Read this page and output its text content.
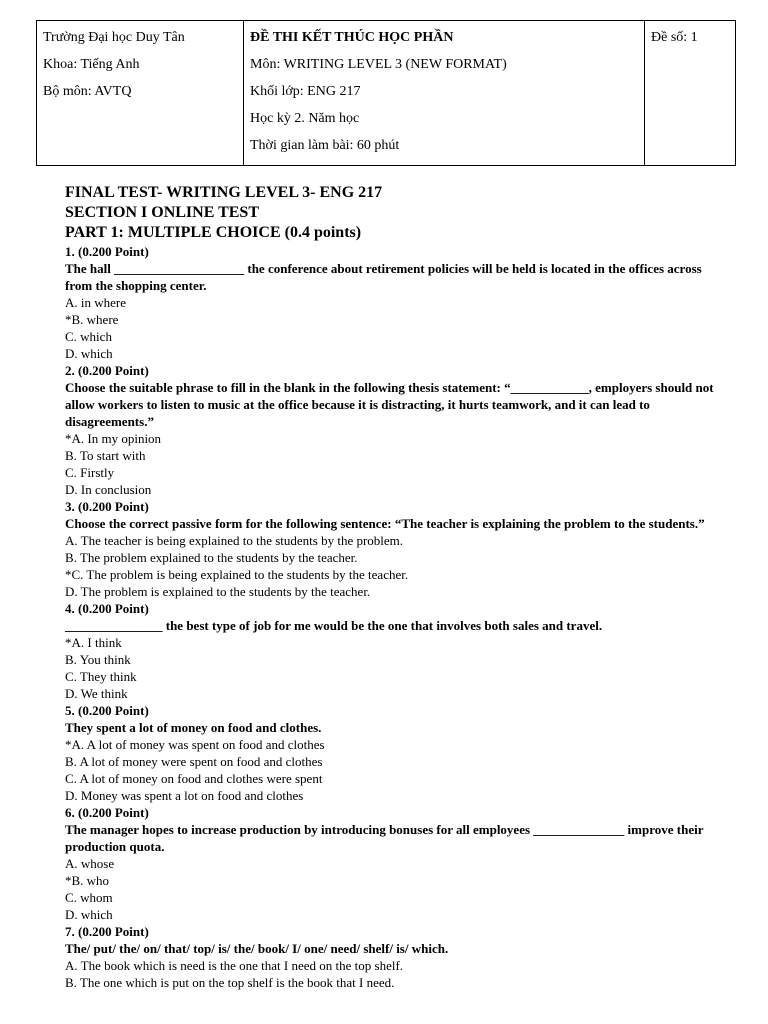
Trường Đại học Duy Tân
Khoa: Tiếng Anh
Bộ môn: AVTQ

ĐỀ THI KẾT THÚC HỌC PHẦN
Môn: WRITING LEVEL 3 (NEW FORMAT)
Khối lớp: ENG 217
Học kỳ 2. Năm học
Thời gian làm bài: 60 phút

Đề số: 1
FINAL TEST- WRITING LEVEL 3- ENG 217
SECTION I ONLINE TEST
PART 1: MULTIPLE CHOICE (0.4 points)
1. (0.200 Point)
The hall ____________________ the conference about retirement policies will be held is located in the offices across from the shopping center.
A. in where
*B. where
C. which
D. which
2. (0.200 Point)
Choose the suitable phrase to fill in the blank in the following thesis statement: “____________, employers should not allow workers to listen to music at the office because it is distracting, it hurts teamwork, and it can lead to disagreements.”
*A. In my opinion
B. To start with
C. Firstly
D. In conclusion
3. (0.200 Point)
Choose the correct passive form for the following sentence: “The teacher is explaining the problem to the students.”
A. The teacher is being explained to the students by the problem.
B. The problem explained to the students by the teacher.
*C. The problem is being explained to the students by the teacher.
D. The problem is explained to the students by the teacher.
4. (0.200 Point)
_______________ the best type of job for me would be the one that involves both sales and travel.
*A. I think
B. You think
C. They think
D. We think
5. (0.200 Point)
They spent a lot of money on food and clothes.
*A. A lot of money was spent on food and clothes
B. A lot of money were spent on food and clothes
C. A lot of money on food and clothes were spent
D. Money was spent a lot on food and clothes
6. (0.200 Point)
The manager hopes to increase production by introducing bonuses for all employees ______________ improve their production quota.
A. whose
*B. who
C. whom
D. which
7. (0.200 Point)
The/ put/ the/ on/ that/ top/ is/ the/ book/ I/ one/ need/ shelf/ is/ which.
A. The book which is need is the one that I need on the top shelf.
B. The one which is put on the top shelf is the book that I need.
